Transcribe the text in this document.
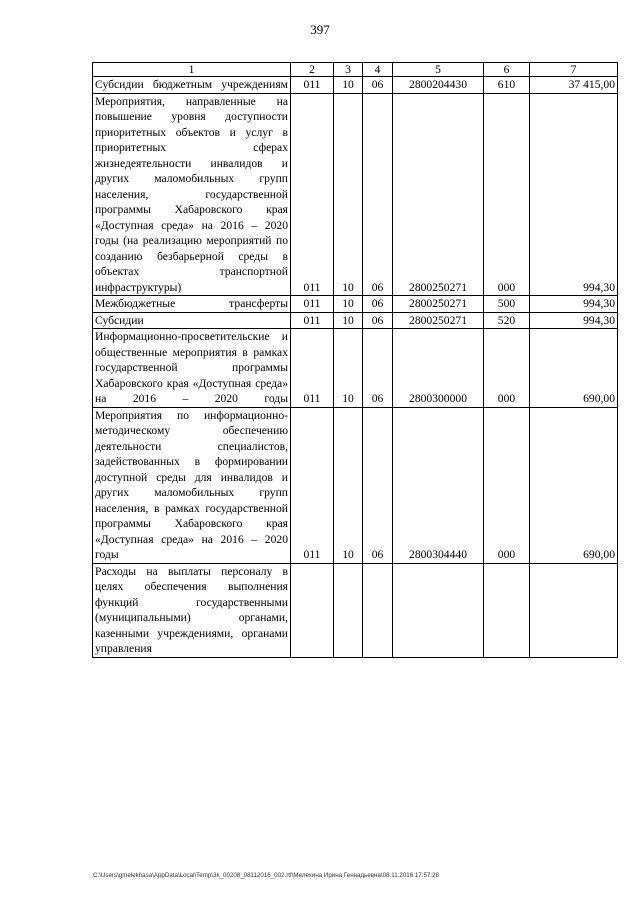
397
1	2	3	4	5	6	7
Субсидии бюджетным учреждениям	011	10	06	2800204430	610	37 415,00
Мероприятия, направленные на повышение уровня доступности приоритетных объектов и услуг в приоритетных сферах жизнедеятельности инвалидов и других маломобильных групп населения, государственной программы Хабаровского края «Доступная среда» на 2016 – 2020 годы (на реализацию мероприятий по созданию безбарьерной среды в объектах транспортной инфраструктуры)	011	10	06	2800250271	000	994,30
Межбюджетные трансферты	011	10	06	2800250271	500	994,30
Субсидии	011	10	06	2800250271	520	994,30
Информационно-просветительские и общественные мероприятия в рамках государственной программы Хабаровского края «Доступная среда» на 2016 – 2020 годы	011	10	06	2800300000	000	690,00
Мероприятия по информационно-методическому обеспечению деятельности специалистов, задействованных в формировании доступной среды для инвалидов и других маломобильных групп населения, в рамках государственной программы Хабаровского края «Доступная среда» на 2016 – 2020 годы	011	10	06	2800304440	000	690,00
Расходы на выплаты персоналу в целях обеспечения выполнения функций государственными (муниципальными) органами, казенными учреждениями, органами управления						
C:\Users\gmelekhasa\AppData\Local\Temp\3k_00208_08112016_002.rtf\Мелехина Ирина Геннадьевна\08.11.2016 17:57:28
